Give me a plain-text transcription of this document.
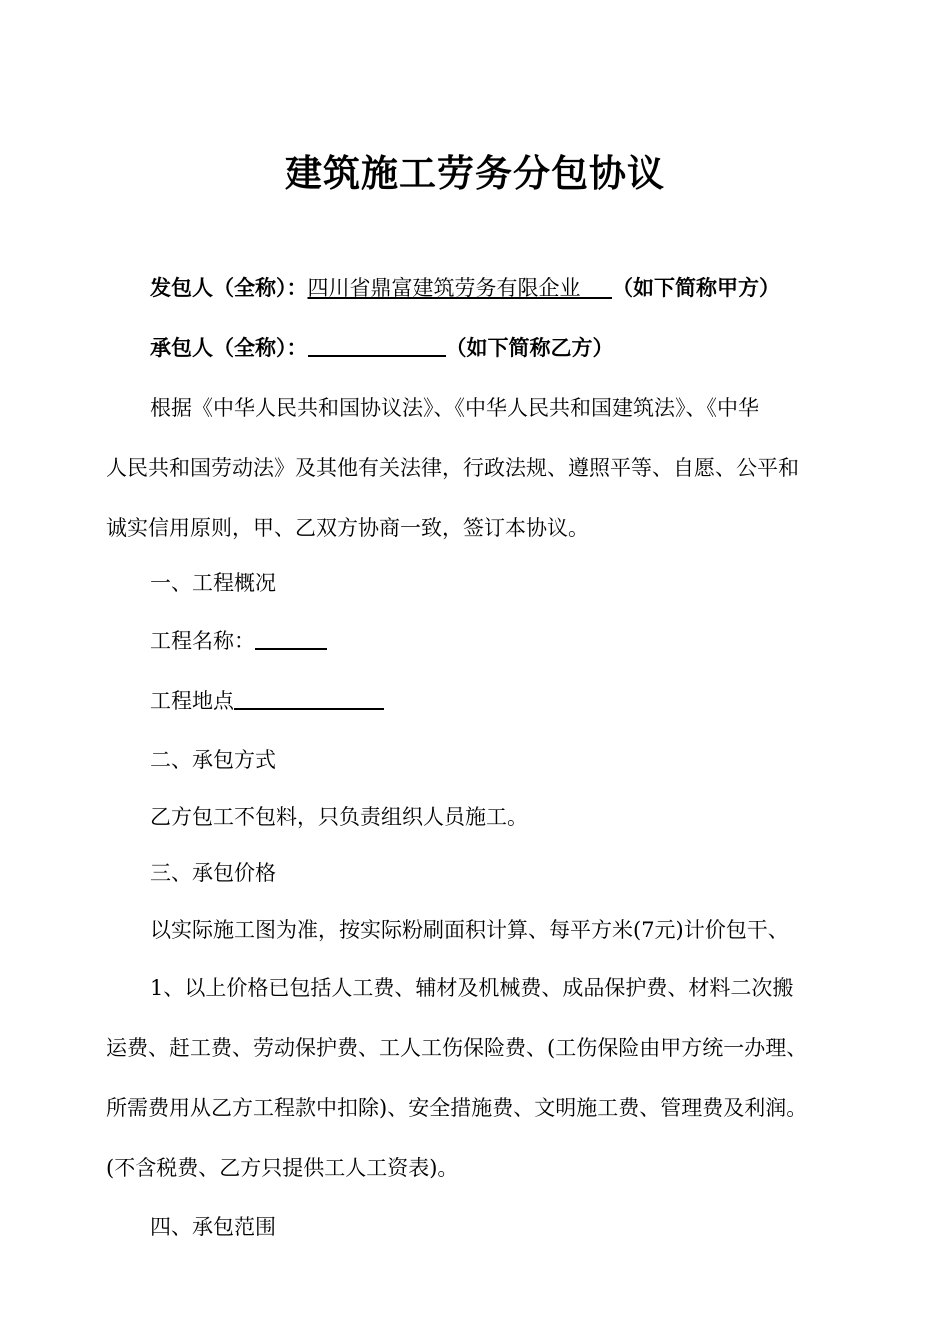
建筑施工劳务分包协议
发包人（全称）：四川省鼎富建筑劳务有限企业　  （如下简称甲方）
承包人（全称）：	（如下简称乙方）
根据《中华人民共和国协议法》、《中华人民共和国建筑法》、《中华
人民共和国劳动法》及其他有关法律，行政法规、遵照平等、自愿、公平和
诚实信用原则，甲、乙双方协商一致，签订本协议。
一、工程概况
工程名称：
工程地点
二、承包方式
乙方包工不包料，只负责组织人员施工。
三、承包价格
以实际施工图为准，按实际粉刷面积计算、每平方米(7元)计价包干、
1、以上价格已包括人工费、辅材及机械费、成品保护费、材料二次搬
运费、赶工费、劳动保护费、工人工伤保险费、(工伤保险由甲方统一办理、
所需费用从乙方工程款中扣除)、安全措施费、文明施工费、管理费及利润。
(不含税费、乙方只提供工人工资表)。
四、承包范围
